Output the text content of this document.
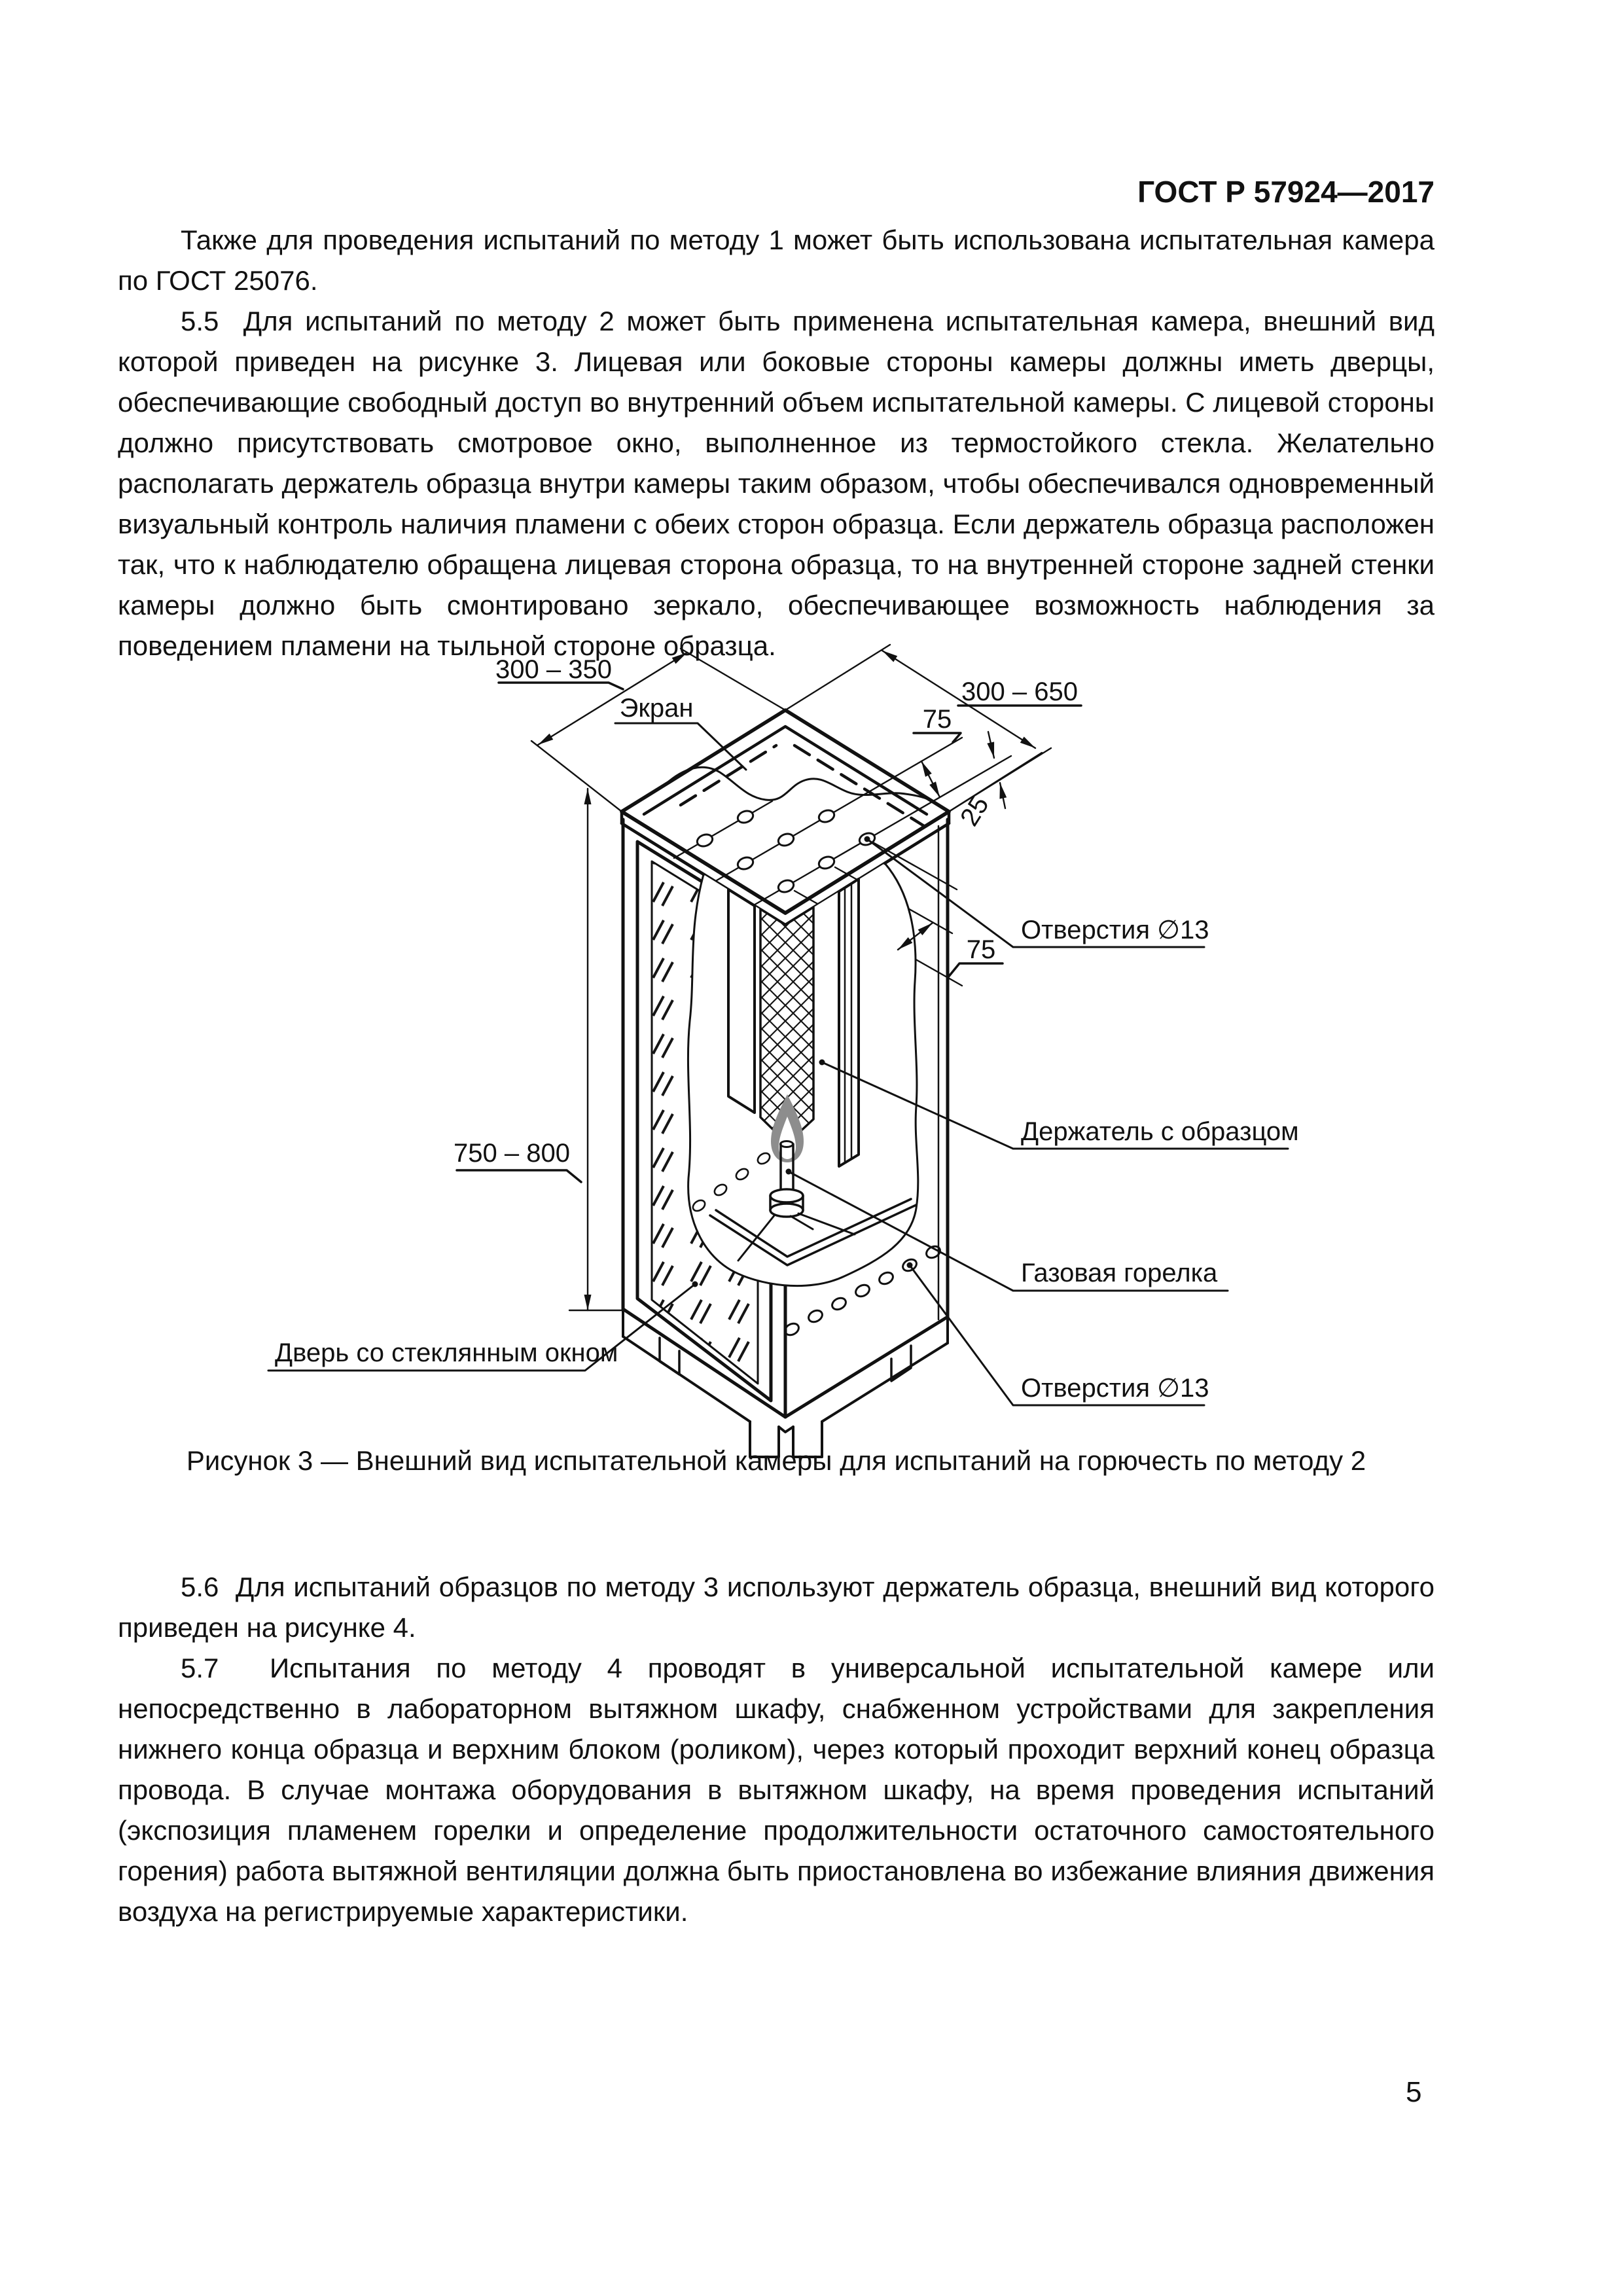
ГОСТ Р 57924—2017

Также для проведения испытаний по методу 1 может быть использована испытательная камера по ГОСТ 25076.

5.5  Для испытаний по методу 2 может быть применена испытательная камера, внешний вид которой приведен на рисунке 3. Лицевая или боковые стороны камеры должны иметь дверцы, обеспечивающие свободный доступ во внутренний объем испытательной камеры. С лицевой стороны должно присутствовать смотровое окно, выполненное из термостойкого стекла. Желательно располагать держатель образца внутри камеры таким образом, чтобы обеспечивался одновременный визуальный контроль наличия пламени с обеих сторон образца. Если держатель образца расположен так, что к наблюдателю обращена лицевая сторона образца, то на внутренней стороне задней стенки камеры должно быть смонтировано зеркало, обеспечивающее возможность наблюдения за поведением пламени на тыльной стороне образца.

300 – 350
300 – 650
Экран	75
25
Отверстия ∅13
75
Держатель с образцом
750 – 800
Газовая горелка
Дверь со стеклянным окном
Отверстия ∅13
Рисунок 3 — Внешний вид испытательной камеры для испытаний на горючесть по методу 2

5.6  Для испытаний образцов по методу 3 используют держатель образца, внешний вид которого приведен на рисунке 4.

5.7  Испытания по методу 4 проводят в универсальной испытательной камере или непосредственно в лабораторном вытяжном шкафу, снабженном устройствами для закрепления нижнего конца образца и верхним блоком (роликом), через который проходит верхний конец образца провода. В случае монтажа оборудования в вытяжном шкафу, на время проведения испытаний (экспозиция пламенем горелки и определение продолжительности остаточного самостоятельного горения) работа вытяжной вентиляции должна быть приостановлена во избежание влияния движения воздуха на регистрируемые характеристики.

5
